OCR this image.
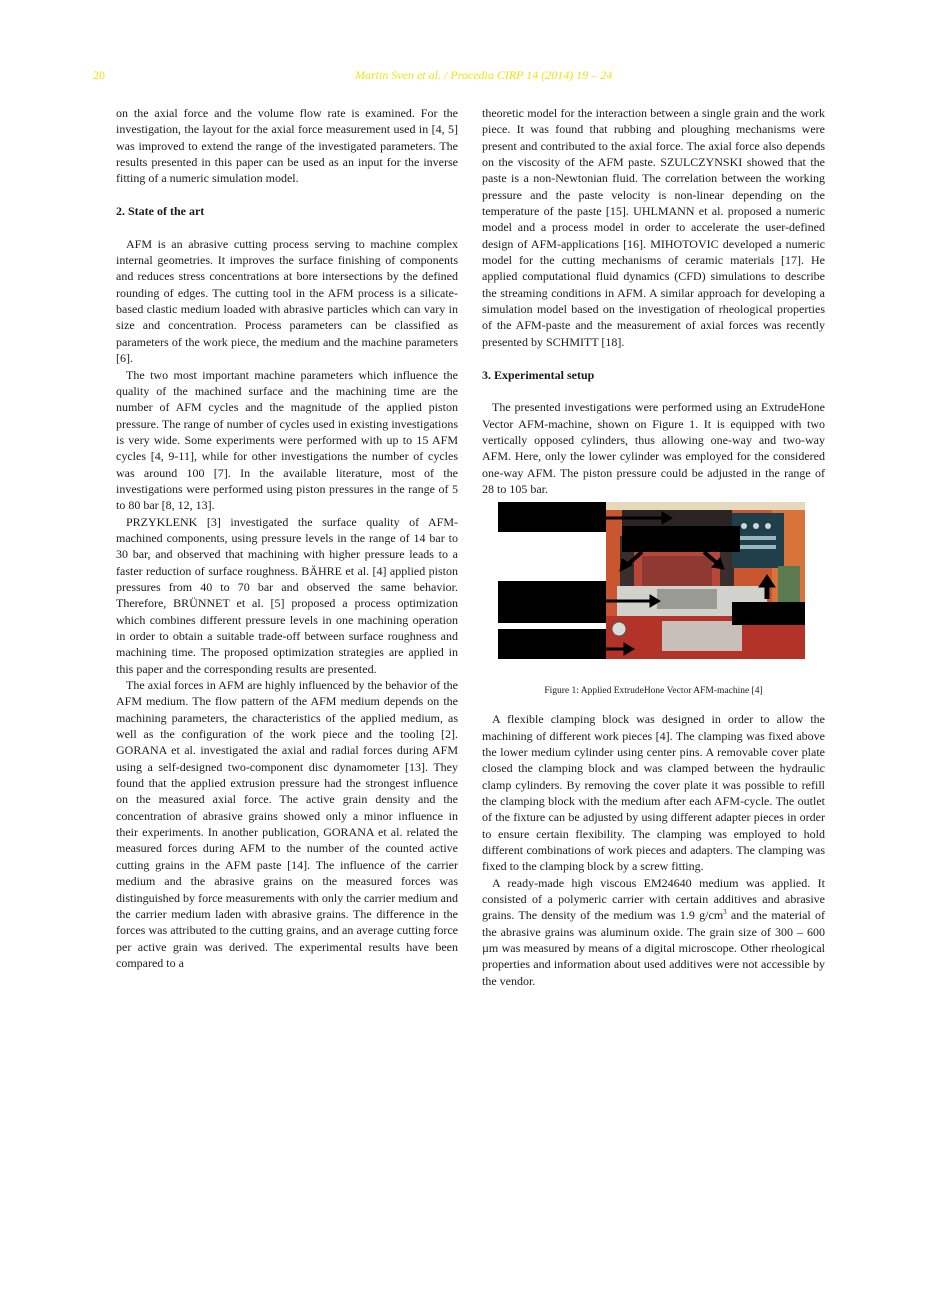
20	Martin Sven et al. / Procedia CIRP 14 (2014) 19 – 24

on the axial force and the volume flow rate is examined. For the investigation, the layout for the axial force measurement used in [4, 5] was improved to extend the range of the investigated parameters. The results presented in this paper can be used as an input for the inverse fitting of a numeric simulation model.

2. State of the art

AFM is an abrasive cutting process serving to machine complex internal geometries. It improves the surface finishing of components and reduces stress concentrations at bore intersections by the defined rounding of edges. The cutting tool in the AFM process is a silicate-based clastic medium loaded with abrasive particles which can vary in size and concentration. Process parameters can be classified as parameters of the work piece, the medium and the machine parameters [6].

The two most important machine parameters which influence the quality of the machined surface and the machining time are the number of AFM cycles and the magnitude of the applied piston pressure. The range of number of cycles used in existing investigations is very wide. Some experiments were performed with up to 15 AFM cycles [4, 9-11], while for other investigations the number of cycles was around 100 [7]. In the available literature, most of the investigations were performed using piston pressures in the range of 5 to 80 bar [8, 12, 13].

PRZYKLENK [3] investigated the surface quality of AFM-machined components, using pressure levels in the range of 14 bar to 30 bar, and observed that machining with higher pressure leads to a faster reduction of surface roughness. BÄHRE et al. [4] applied piston pressures from 40 to 70 bar and observed the same behavior. Therefore, BRÜNNET et al. [5] proposed a process optimization which combines different pressure levels in one machining operation in order to obtain a suitable trade-off between surface roughness and machining time. The proposed optimization strategies are applied in this paper and the corresponding results are presented.

The axial forces in AFM are highly influenced by the behavior of the AFM medium. The flow pattern of the AFM medium depends on the machining parameters, the characteristics of the applied medium, as well as the configuration of the work piece and the tooling [2]. GORANA et al. investigated the axial and radial forces during AFM using a self-designed two-component disc dynamometer [13]. They found that the applied extrusion pressure had the strongest influence on the measured axial force. The active grain density and the concentration of abrasive grains showed only a minor influence in their experiments. In another publication, GORANA et al. related the measured forces during AFM to the number of the counted active cutting grains in the AFM paste [14]. The influence of the carrier medium and the abrasive grains on the measured forces was distinguished by force measurements with only the carrier medium and the carrier medium laden with abrasive grains. The difference in the forces was attributed to the cutting grains, and an average cutting force per active grain was derived. The experimental results have been compared to a

theoretic model for the interaction between a single grain and the work piece. It was found that rubbing and ploughing mechanisms were present and contributed to the axial force. The axial force also depends on the viscosity of the AFM paste. SZULCZYNSKI showed that the paste is a non-Newtonian fluid. The correlation between the working pressure and the paste velocity is non-linear depending on the temperature of the paste [15]. UHLMANN et al. proposed a numeric model and a process model in order to accelerate the user-defined design of AFM-applications [16]. MIHOTOVIC developed a numeric model for the cutting mechanisms of ceramic materials [17]. He applied computational fluid dynamics (CFD) simulations to describe the streaming conditions in AFM. A similar approach for developing a simulation model based on the investigation of rheological properties of the AFM-paste and the measurement of axial forces was recently presented by SCHMITT [18].

3. Experimental setup

The presented investigations were performed using an ExtrudeHone Vector AFM-machine, shown on Figure 1. It is equipped with two vertically opposed cylinders, thus allowing one-way and two-way AFM. Here, only the lower cylinder was employed for the considered one-way AFM. The piston pressure could be adjusted in the range of 28 to 105 bar.

Figure 1: Applied ExtrudeHone Vector AFM-machine [4]

A flexible clamping block was designed in order to allow the machining of different work pieces [4]. The clamping was fixed above the lower medium cylinder using center pins. A removable cover plate closed the clamping block and was clamped between the hydraulic clamp cylinders. By removing the cover plate it was possible to refill the clamping block with the medium after each AFM-cycle. The outlet of the fixture can be adjusted by using different adapter pieces in order to ensure certain flexibility. The clamping was employed to hold different combinations of work pieces and adapters. The clamping was fixed to the clamping block by a screw fitting.

A ready-made high viscous EM24640 medium was applied. It consisted of a polymeric carrier with certain additives and abrasive grains. The density of the medium was 1.9 $g/cm^3$ and the material of the abrasive grains was aluminum oxide. The grain size of 300 – 600 µm was measured by means of a digital microscope. Other rheological properties and information about used additives were not accessible by the vendor.
